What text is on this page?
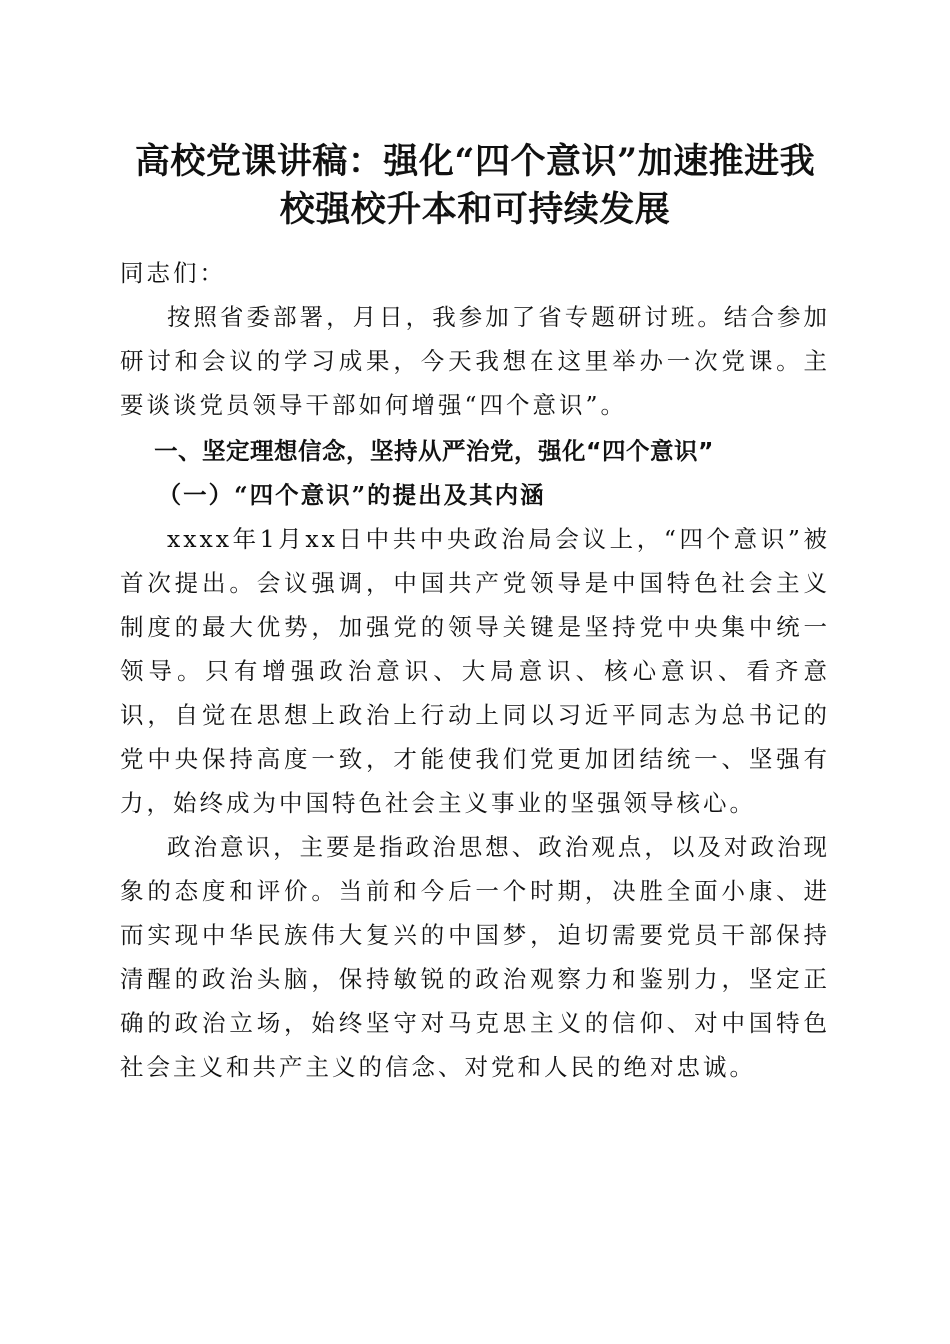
高校党课讲稿：强化“四个意识”加速推进我
校强校升本和可持续发展

同志们：

按照省委部署，月日，我参加了省专题研讨班。结合参加研讨和会议的学习成果，今天我想在这里举办一次党课。主要谈谈党员领导干部如何增强“四个意识”。

一、坚定理想信念，坚持从严治党，强化“四个意识”

（一）“四个意识”的提出及其内涵

xxxx年1月xx日中共中央政治局会议上，“四个意识”被首次提出。会议强调，中国共产党领导是中国特色社会主义制度的最大优势，加强党的领导关键是坚持党中央集中统一领导。只有增强政治意识、大局意识、核心意识、看齐意识，自觉在思想上政治上行动上同以习近平同志为总书记的党中央保持高度一致，才能使我们党更加团结统一、坚强有力，始终成为中国特色社会主义事业的坚强领导核心。

政治意识，主要是指政治思想、政治观点，以及对政治现象的态度和评价。当前和今后一个时期，决胜全面小康、进而实现中华民族伟大复兴的中国梦，迫切需要党员干部保持清醒的政治头脑，保持敏锐的政治观察力和鉴别力，坚定正确的政治立场，始终坚守对马克思主义的信仰、对中国特色社会主义和共产主义的信念、对党和人民的绝对忠诚。
